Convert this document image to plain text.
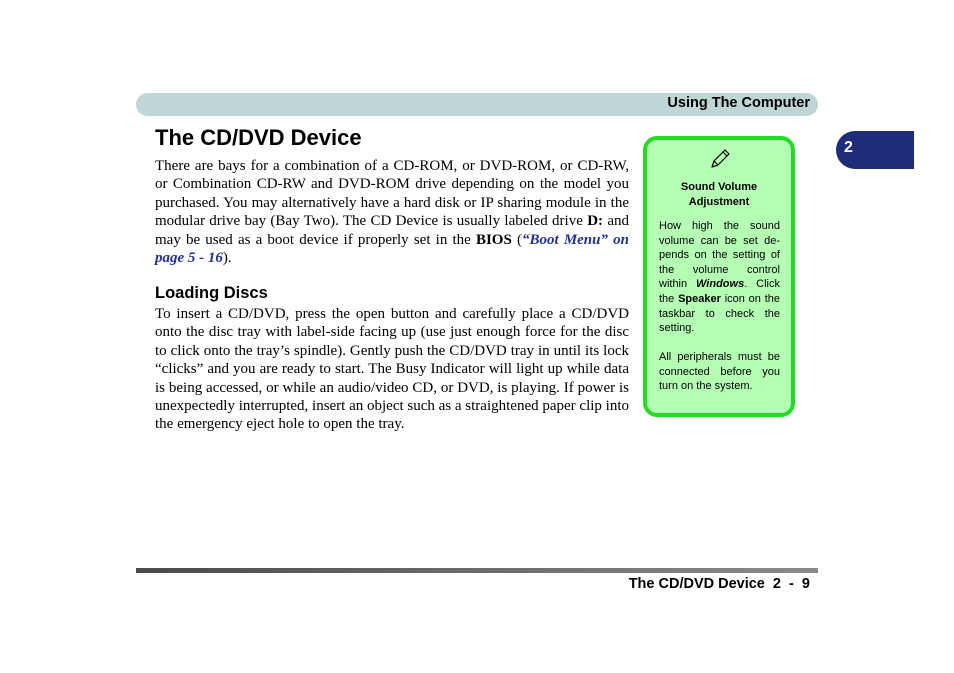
Using The Computer
2
The CD/DVD Device

There are bays for a combination of a CD-ROM, or DVD-ROM, or CD-RW, or Combination CD-RW and DVD-ROM drive depending on the model you purchased. You may alternatively have a hard disk or IP sharing module in the modular drive bay (Bay Two). The CD Device is usually labeled drive D: and may be used as a boot device if properly set in the BIOS (“Boot Menu” on page 5 - 16).

Loading Discs

To insert a CD/DVD, press the open button and carefully place a CD/DVD onto the disc tray with label-side facing up (use just enough force for the disc to click onto the tray’s spindle). Gently push the CD/DVD tray in until its lock “clicks” and you are ready to start. The Busy Indicator will light up while data is being accessed, or while an audio/video CD, or DVD, is playing. If power is unexpectedly interrupted, insert an object such as a straightened paper clip into the emergency eject hole to open the tray.

Sound Volume Adjustment

How high the sound volume can be set de-pends on the setting of the volume control within Windows. Click the Speaker icon on the taskbar to check the setting.

All peripherals must be connected before you turn on the system.

The CD/DVD Device  2  -  9
